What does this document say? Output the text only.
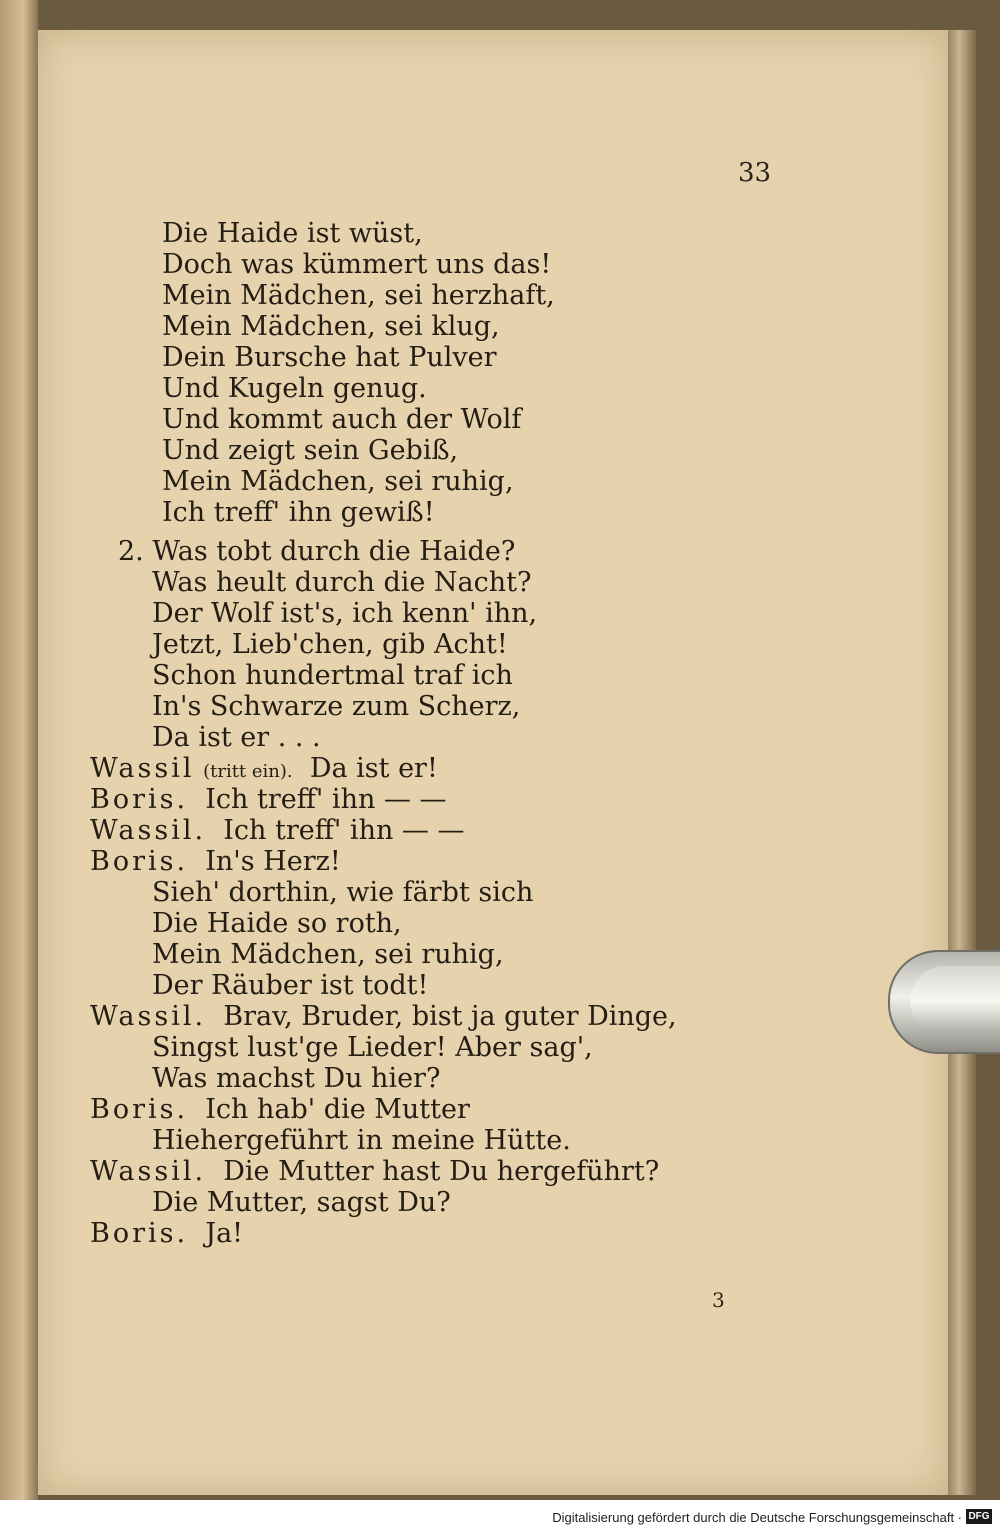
33
Die Haide ist wüst,
Doch was kümmert uns das!
Mein Mädchen, sei herzhaft,
Mein Mädchen, sei klug,
Dein Bursche hat Pulver
Und Kugeln genug.
Und kommt auch der Wolf
Und zeigt sein Gebiß,
Mein Mädchen, sei ruhig,
Ich treff' ihn gewiß!
2. Was tobt durch die Haide?
Was heult durch die Nacht?
Der Wolf ist's, ich kenn' ihn,
Jetzt, Lieb'chen, gib Acht!
Schon hundertmal traf ich
In's Schwarze zum Scherz,
Da ist er . . .
Wassil (tritt ein). Da ist er!
Boris. Ich treff' ihn — —
Wassil. Ich treff' ihn — —
Boris. In's Herz!
Sieh' dorthin, wie färbt sich
Die Haide so roth,
Mein Mädchen, sei ruhig,
Der Räuber ist todt!
Wassil. Brav, Bruder, bist ja guter Dinge,
Singst lust'ge Lieder! Aber sag',
Was machst Du hier?
Boris. Ich hab' die Mutter
Hiehergeführt in meine Hütte.
Wassil. Die Mutter hast Du hergeführt?
Die Mutter, sagst Du?
Boris. Ja!
3
Digitalisierung gefördert durch die Deutsche Forschungsgemeinschaft · DFG
